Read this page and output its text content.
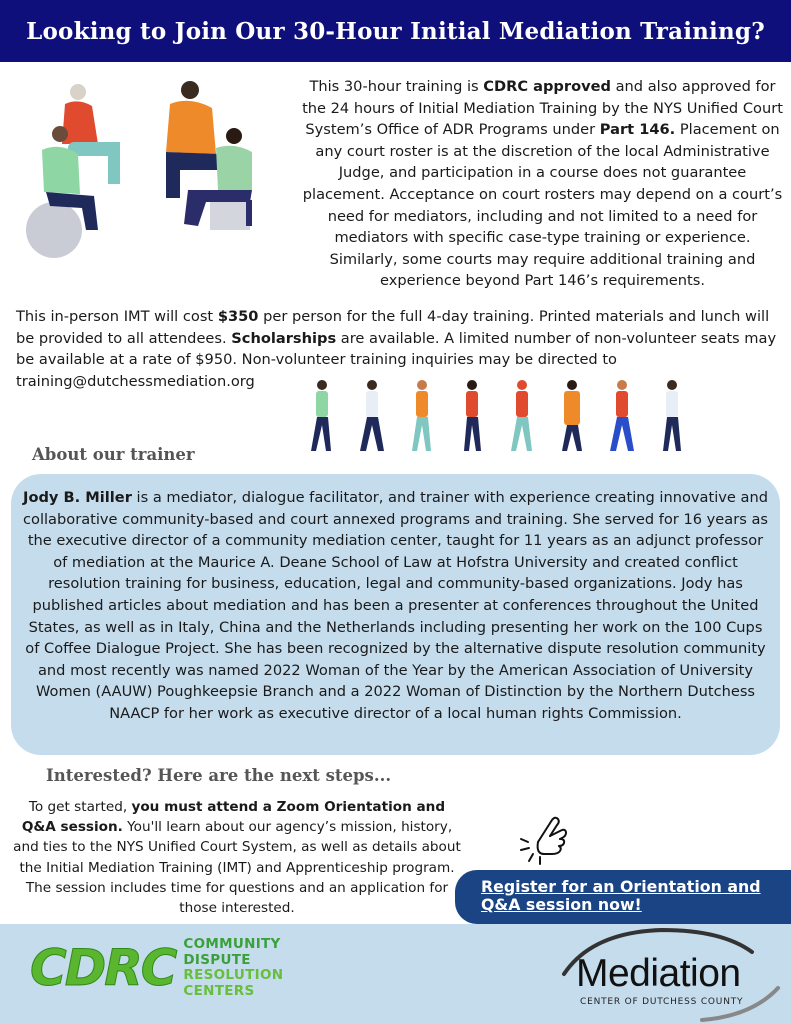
Looking to Join Our 30-Hour Initial Mediation Training?
This 30-hour training is CDRC approved and also approved for the 24 hours of Initial Mediation Training by the NYS Unified Court System’s Office of ADR Programs under Part 146. Placement on any court roster is at the discretion of the local Administrative Judge, and participation in a course does not guarantee placement. Acceptance on court rosters may depend on a court’s need for mediators, including and not limited to a need for mediators with specific case-type training or experience. Similarly, some courts may require additional training and experience beyond Part 146’s requirements.
This in-person IMT will cost $350 per person for the full 4-day training. Printed materials and lunch will be provided to all attendees. Scholarships are available. A limited number of non-volunteer seats may be available at a rate of $950. Non-volunteer training inquiries may be directed to
training@dutchessmediation.org
About our trainer
Jody B. Miller is a mediator, dialogue facilitator, and trainer with experience creating innovative and collaborative community-based and court annexed programs and training. She served for 16 years as the executive director of a community mediation center, taught for 11 years as an adjunct professor of mediation at the Maurice A. Deane School of Law at Hofstra University and created conflict resolution training for business, education, legal and community-based organizations. Jody has published articles about mediation and has been a presenter at conferences throughout the United States, as well as in Italy, China and the Netherlands including presenting her work on the 100 Cups of Coffee Dialogue Project. She has been recognized by the alternative dispute resolution community and most recently was named 2022 Woman of the Year by the American Association of University Women (AAUW) Poughkeepsie Branch and a 2022 Woman of Distinction by the Northern Dutchess NAACP for her work as executive director of a local human rights Commission.
Interested? Here are the next steps...
To get started, you must attend a Zoom Orientation and Q&A session. You'll learn about our agency’s mission, history, and ties to the NYS Unified Court System, as well as details about the Initial Mediation Training (IMT) and Apprenticeship program. The session includes time for questions and an application for those interested.
Register for an Orientation and
Q&A session now!
CDRC COMMUNITY
DISPUTE
RESOLUTION
CENTERS	Mediation
CENTER OF DUTCHESS COUNTY
